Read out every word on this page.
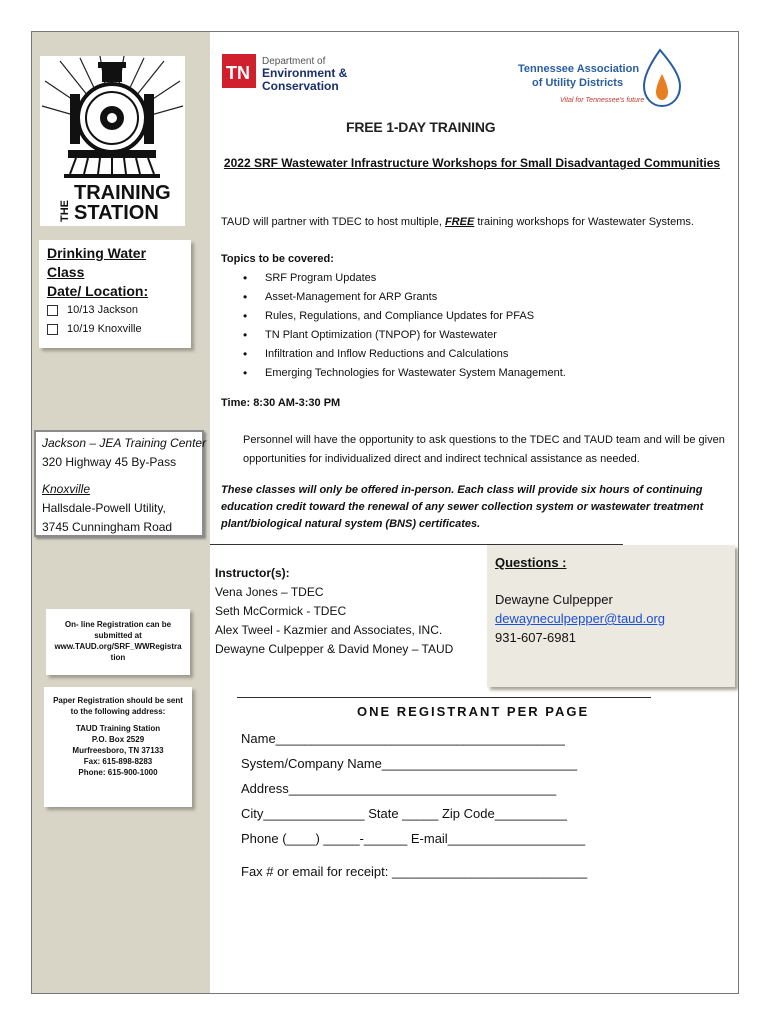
THE
TRAINING
STATION
Drinking Water Class
Date/ Location:
10/13 Jackson
10/19 Knoxville
Jackson – JEA Training Center
320 Highway 45 By-Pass
Knoxville
Hallsdale-Powell Utility,
3745 Cunningham Road
On- line Registration can be
submitted at
www.TAUD.org/SRF_WWRegistra
tion
Paper Registration should be sent
to the following address:
TAUD Training Station
P.O. Box 2529
Murfreesboro, TN 37133
Fax: 615-898-8283
Phone: 615-900-1000
TN
Department of
Environment &
Conservation
Tennessee Association
of Utility Districts
Vital for Tennessee's future
FREE 1-DAY TRAINING
2022 SRF Wastewater Infrastructure Workshops for Small Disadvantaged Communities
TAUD will partner with TDEC to host multiple, FREE training workshops for Wastewater Systems.
Topics to be covered:
• SRF Program Updates
• Asset-Management for ARP Grants
• Rules, Regulations, and Compliance Updates for PFAS
• TN Plant Optimization (TNPOP) for Wastewater
• Infiltration and Inflow Reductions and Calculations
• Emerging Technologies for Wastewater System Management.
Time: 8:30 AM-3:30 PM
Personnel will have the opportunity to ask questions to the TDEC and TAUD team and will be given opportunities for individualized direct and indirect technical assistance as needed.
These classes will only be offered in-person. Each class will provide six hours of continuing education credit toward the renewal of any sewer collection system or wastewater treatment plant/biological natural system (BNS) certificates.
Instructor(s):
Vena Jones – TDEC
Seth McCormick - TDEC
Alex Tweel - Kazmier and Associates, INC.
Dewayne Culpepper & David Money – TAUD
Questions :
Dewayne Culpepper
dewayneculpepper@taud.org
931-607-6981
ONE REGISTRANT PER PAGE
Name________________________________________
System/Company Name___________________________
Address_____________________________________
City______________ State _____ Zip Code__________
Phone (____) _____-______ E-mail___________________
Fax # or email for receipt: ___________________________
